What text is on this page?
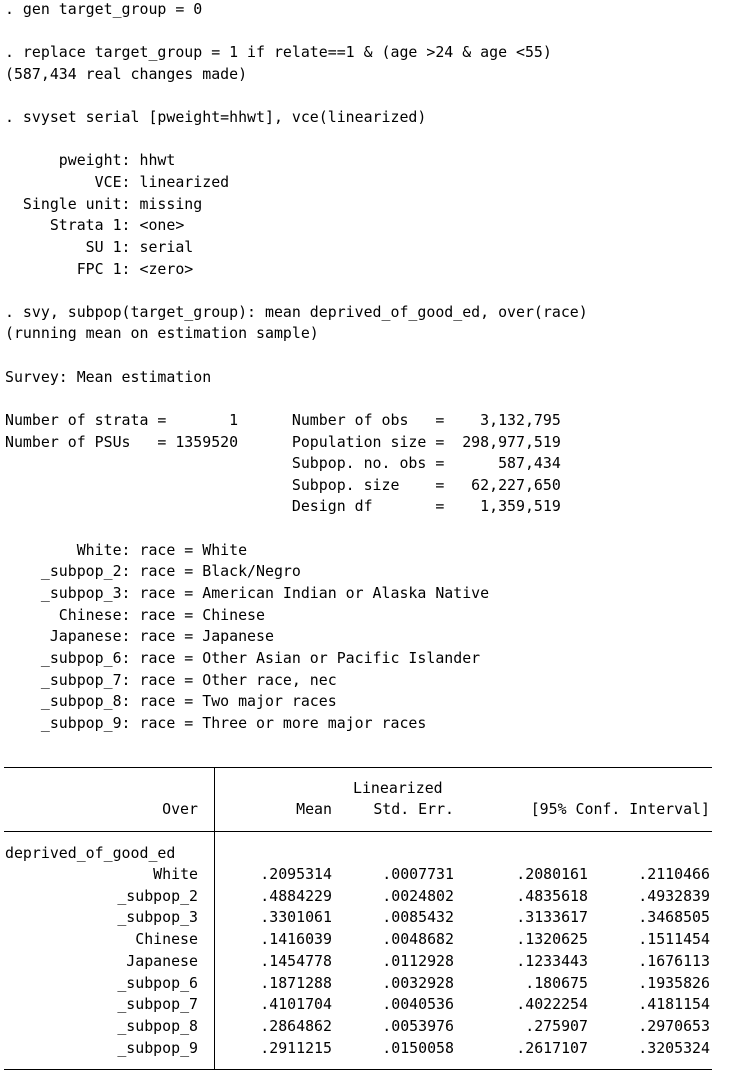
. gen target_group = 0
. replace target_group = 1 if relate==1 & (age >24 & age <55)
(587,434 real changes made)
. svyset serial [pweight=hhwt], vce(linearized)
pweight: hhwt
VCE: linearized
Single unit: missing
Strata 1: <one>
SU 1: serial
FPC 1: <zero>
. svy, subpop(target_group): mean deprived_of_good_ed, over(race)
(running mean on estimation sample)
Survey: Mean estimation
Number of strata =       1      Number of obs   =    3,132,795
Number of PSUs   = 1359520      Population size =  298,977,519
Subpop. no. obs =      587,434
Subpop. size    =   62,227,650
Design df       =    1,359,519
White: race = White
_subpop_2: race = Black/Negro
_subpop_3: race = American Indian or Alaska Native
Chinese: race = Chinese
Japanese: race = Japanese
_subpop_6: race = Other Asian or Pacific Islander
_subpop_7: race = Other race, nec
_subpop_8: race = Two major races
_subpop_9: race = Three or more major races
Linearized
Over	Mean	Std. Err.	[95% Conf. Interval]
deprived_of_good_ed
White	.2095314	.0007731	.2080161	.2110466
_subpop_2	.4884229	.0024802	.4835618	.4932839
_subpop_3	.3301061	.0085432	.3133617	.3468505
Chinese	.1416039	.0048682	.1320625	.1511454
Japanese	.1454778	.0112928	.1233443	.1676113
_subpop_6	.1871288	.0032928	.180675	.1935826
_subpop_7	.4101704	.0040536	.4022254	.4181154
_subpop_8	.2864862	.0053976	.275907	.2970653
_subpop_9	.2911215	.0150058	.2617107	.3205324
